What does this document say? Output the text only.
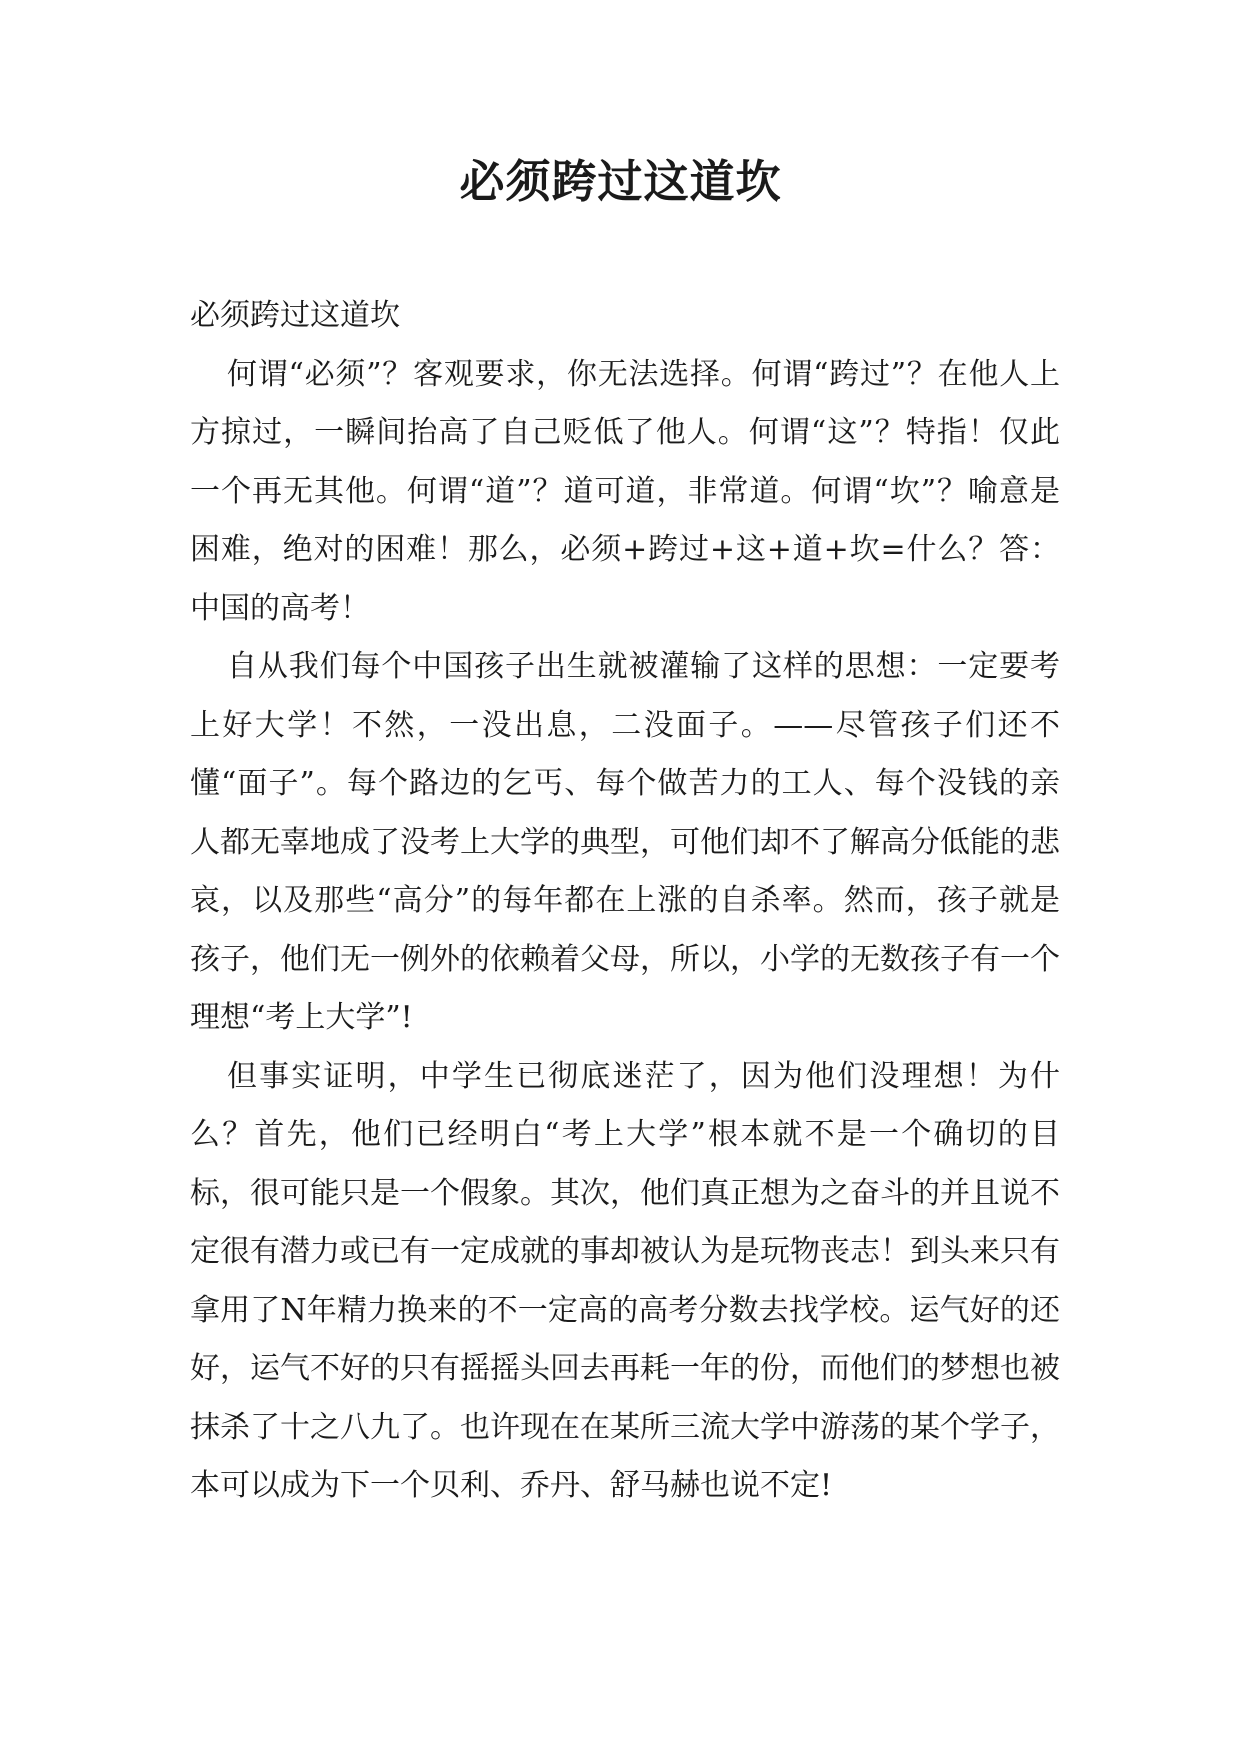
必须跨过这道坎

必须跨过这道坎

何谓“必须”？客观要求，你无法选择。何谓“跨过”？在他人上方掠过，一瞬间抬高了自己贬低了他人。何谓“这”？特指！仅此一个再无其他。何谓“道”？道可道，非常道。何谓“坎”？喻意是困难，绝对的困难！那么，必须+跨过+这+道+坎=什么？答：中国的高考！

自从我们每个中国孩子出生就被灌输了这样的思想：一定要考上好大学！不然，一没出息，二没面子。——尽管孩子们还不懂“面子”。每个路边的乞丐、每个做苦力的工人、每个没钱的亲人都无辜地成了没考上大学的典型，可他们却不了解高分低能的悲哀，以及那些“高分”的每年都在上涨的自杀率。然而，孩子就是孩子，他们无一例外的依赖着父母，所以，小学的无数孩子有一个理想“考上大学”!

但事实证明，中学生已彻底迷茫了，因为他们没理想！为什么？首先，他们已经明白“考上大学”根本就不是一个确切的目标，很可能只是一个假象。其次，他们真正想为之奋斗的并且说不定很有潜力或已有一定成就的事却被认为是玩物丧志！到头来只有拿用了N年精力换来的不一定高的高考分数去找学校。运气好的还好，运气不好的只有摇摇头回去再耗一年的份，而他们的梦想也被抹杀了十之八九了。也许现在在某所三流大学中游荡的某个学子，本可以成为下一个贝利、乔丹、舒马赫也说不定!
